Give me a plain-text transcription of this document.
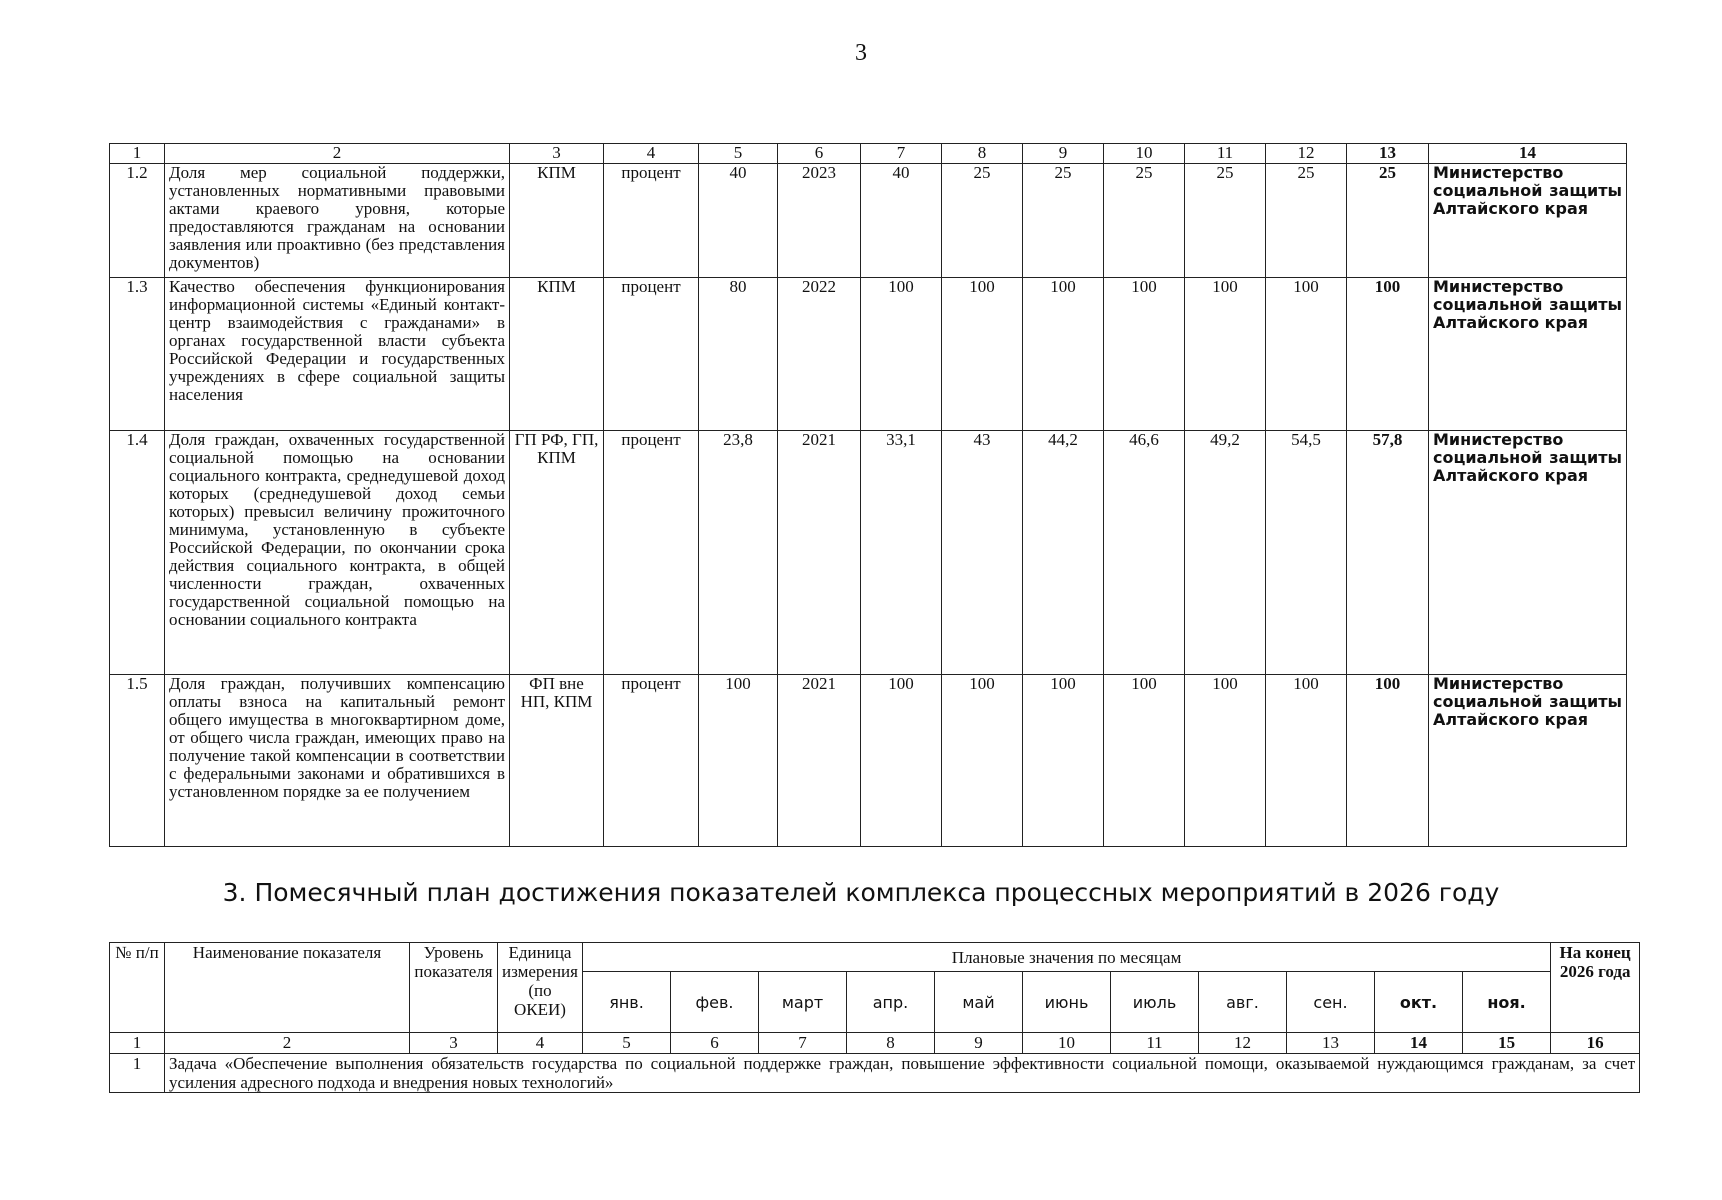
3
1	2	3	4	5	6	7	8	9	10	11	12	13	14
1.2	Доля мер социальной поддержки, установленных нормативными правовыми актами краевого уровня, которые предоставляются гражданам на основании заявления или проактивно (без представления документов)	КПМ	процент	40	2023	40	25	25	25	25	25	25	Министерство социальной защиты Алтайского края
1.3	Качество обеспечения функционирования информационной системы «Единый контакт-центр взаимодействия с гражданами» в органах государственной власти субъекта Российской Федерации и государственных учреждениях в сфере социальной защиты населения	КПМ	процент	80	2022	100	100	100	100	100	100	100	Министерство социальной защиты Алтайского края
1.4	Доля граждан, охваченных государственной социальной помощью на основании социального контракта, среднедушевой доход которых (среднедушевой доход семьи которых) превысил величину прожиточного минимума, установленную в субъекте Российской Федерации, по окончании срока действия социального контракта, в общей численности граждан, охваченных государственной социальной помощью на основании социального контракта	ГП РФ, ГП, КПМ	процент	23,8	2021	33,1	43	44,2	46,6	49,2	54,5	57,8	Министерство социальной защиты Алтайского края
1.5	Доля граждан, получивших компенсацию оплаты взноса на капитальный ремонт общего имущества в многоквартирном доме, от общего числа граждан, имеющих право на получение такой компенсации в соответствии с федеральными законами и обратившихся в установленном порядке за ее получением	ФП вне НП, КПМ	процент	100	2021	100	100	100	100	100	100	100	Министерство социальной защиты Алтайского края
3. Помесячный план достижения показателей комплекса процессных мероприятий в 2026 году
№ п/п	Наименование показателя	Уровень показателя	Единица измерения (по ОКЕИ)	Плановые значения по месяцам											На конец 2026 года
				янв.	фев.	март	апр.	май	июнь	июль	авг.	сен.	окт.	ноя.	
1	2	3	4	5	6	7	8	9	10	11	12	13	14	15	16
1	Задача «Обеспечение выполнения обязательств государства по социальной поддержке граждан, повышение эффективности социальной помощи, оказываемой нуждающимся гражданам, за счет усиления адресного подхода и внедрения новых технологий»														
